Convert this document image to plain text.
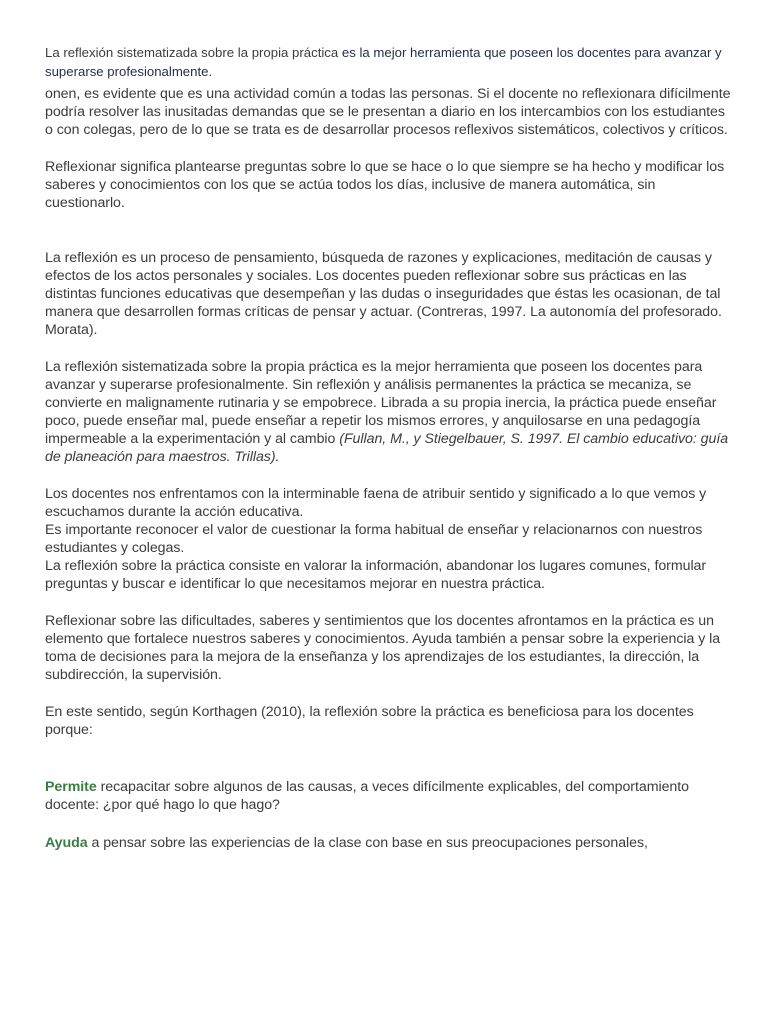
La reflexión sistematizada sobre la propia práctica es la mejor herramienta que poseen los docentes para avanzar y superarse profesionalmente.

onen, es evidente que es una actividad común a todas las personas. Si el docente no reflexionara difícilmente podría resolver las inusitadas demandas que se le presentan a diario en los intercambios con los estudiantes o con colegas, pero de lo que se trata es de desarrollar procesos reflexivos sistemáticos, colectivos y críticos.

Reflexionar significa plantearse preguntas sobre lo que se hace o lo que siempre se ha hecho y modificar los saberes y conocimientos con los que se actúa todos los días, inclusive de manera automática, sin cuestionarlo.

La reflexión es un proceso de pensamiento, búsqueda de razones y explicaciones, meditación de causas y efectos de los actos personales y sociales. Los docentes pueden reflexionar sobre sus prácticas en las distintas funciones educativas que desempeñan y las dudas o inseguridades que éstas les ocasionan, de tal manera que desarrollen formas críticas de pensar y actuar. (Contreras, 1997. La autonomía del profesorado. Morata).

La reflexión sistematizada sobre la propia práctica es la mejor herramienta que poseen los docentes para avanzar y superarse profesionalmente. Sin reflexión y análisis permanentes la práctica se mecaniza, se convierte en malignamente rutinaria y se empobrece. Librada a su propia inercia, la práctica puede enseñar poco, puede enseñar mal, puede enseñar a repetir los mismos errores, y anquilosarse en una pedagogía impermeable a la experimentación y al cambio (Fullan, M., y Stiegelbauer, S. 1997. El cambio educativo: guía de planeación para maestros. Trillas).

Los docentes nos enfrentamos con la interminable faena de atribuir sentido y significado a lo que vemos y escuchamos durante la acción educativa.
Es importante reconocer el valor de cuestionar la forma habitual de enseñar y relacionarnos con nuestros estudiantes y colegas.
La reflexión sobre la práctica consiste en valorar la información, abandonar los lugares comunes, formular preguntas y buscar e identificar lo que necesitamos mejorar en nuestra práctica.

Reflexionar sobre las dificultades, saberes y sentimientos que los docentes afrontamos en la práctica es un elemento que fortalece nuestros saberes y conocimientos. Ayuda también a pensar sobre la experiencia y la toma de decisiones para la mejora de la enseñanza y los aprendizajes de los estudiantes, la dirección, la subdirección, la supervisión.

En este sentido, según Korthagen (2010), la reflexión sobre la práctica es beneficiosa para los docentes porque:

Permite recapacitar sobre algunos de las causas, a veces difícilmente explicables, del comportamiento docente: ¿por qué hago lo que hago?

Ayuda a pensar sobre las experiencias de la clase con base en sus preocupaciones personales,
